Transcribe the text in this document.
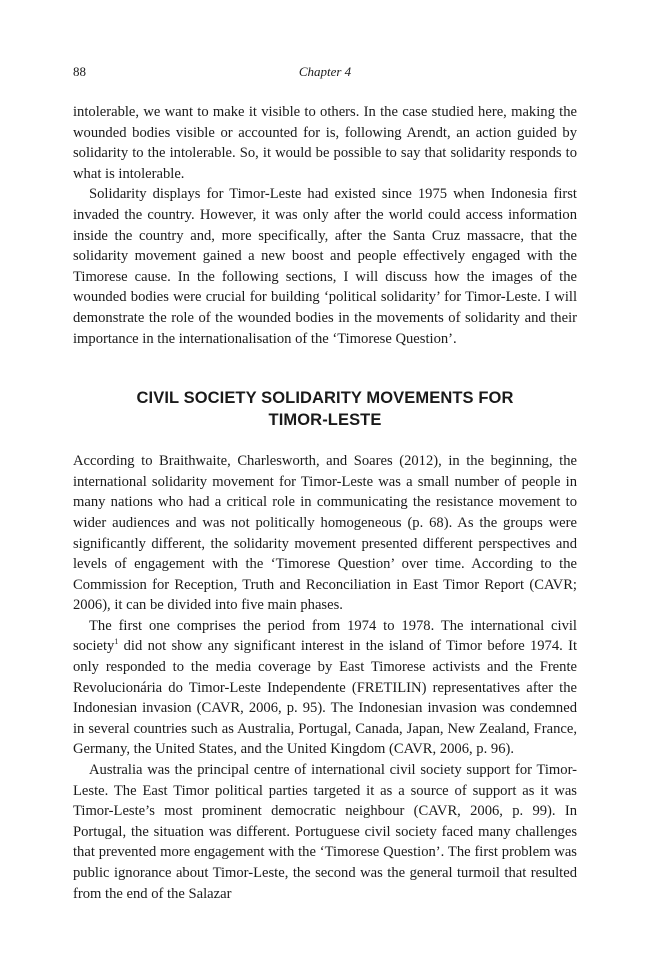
88	Chapter 4

intolerable, we want to make it visible to others. In the case studied here, making the wounded bodies visible or accounted for is, following Arendt, an action guided by solidarity to the intolerable. So, it would be possible to say that solidarity responds to what is intolerable.

Solidarity displays for Timor-Leste had existed since 1975 when Indonesia first invaded the country. However, it was only after the world could access information inside the country and, more specifically, after the Santa Cruz massacre, that the solidarity movement gained a new boost and people effectively engaged with the Timorese cause. In the following sections, I will discuss how the images of the wounded bodies were crucial for building ‘political solidarity’ for Timor-Leste. I will demonstrate the role of the wounded bodies in the movements of solidarity and their importance in the internationalisation of the ‘Timorese Question’.

CIVIL SOCIETY SOLIDARITY MOVEMENTS FOR
TIMOR-LESTE

According to Braithwaite, Charlesworth, and Soares (2012), in the beginning, the international solidarity movement for Timor-Leste was a small number of people in many nations who had a critical role in communicating the resistance movement to wider audiences and was not politically homogeneous (p. 68). As the groups were significantly different, the solidarity movement presented different perspectives and levels of engagement with the ‘Timorese Question’ over time. According to the Commission for Reception, Truth and Reconciliation in East Timor Report (CAVR; 2006), it can be divided into five main phases.

The first one comprises the period from 1974 to 1978. The international civil society$^1$ did not show any significant interest in the island of Timor before 1974. It only responded to the media coverage by East Timorese activists and the Frente Revolucionária do Timor-Leste Independente (FRETILIN) representatives after the Indonesian invasion (CAVR, 2006, p. 95). The Indonesian invasion was condemned in several countries such as Australia, Portugal, Canada, Japan, New Zealand, France, Germany, the United States, and the United Kingdom (CAVR, 2006, p. 96).

Australia was the principal centre of international civil society support for Timor-Leste. The East Timor political parties targeted it as a source of support as it was Timor-Leste’s most prominent democratic neighbour (CAVR, 2006, p. 99). In Portugal, the situation was different. Portuguese civil society faced many challenges that prevented more engagement with the ‘Timorese Question’. The first problem was public ignorance about Timor-Leste, the second was the general turmoil that resulted from the end of the Salazar
